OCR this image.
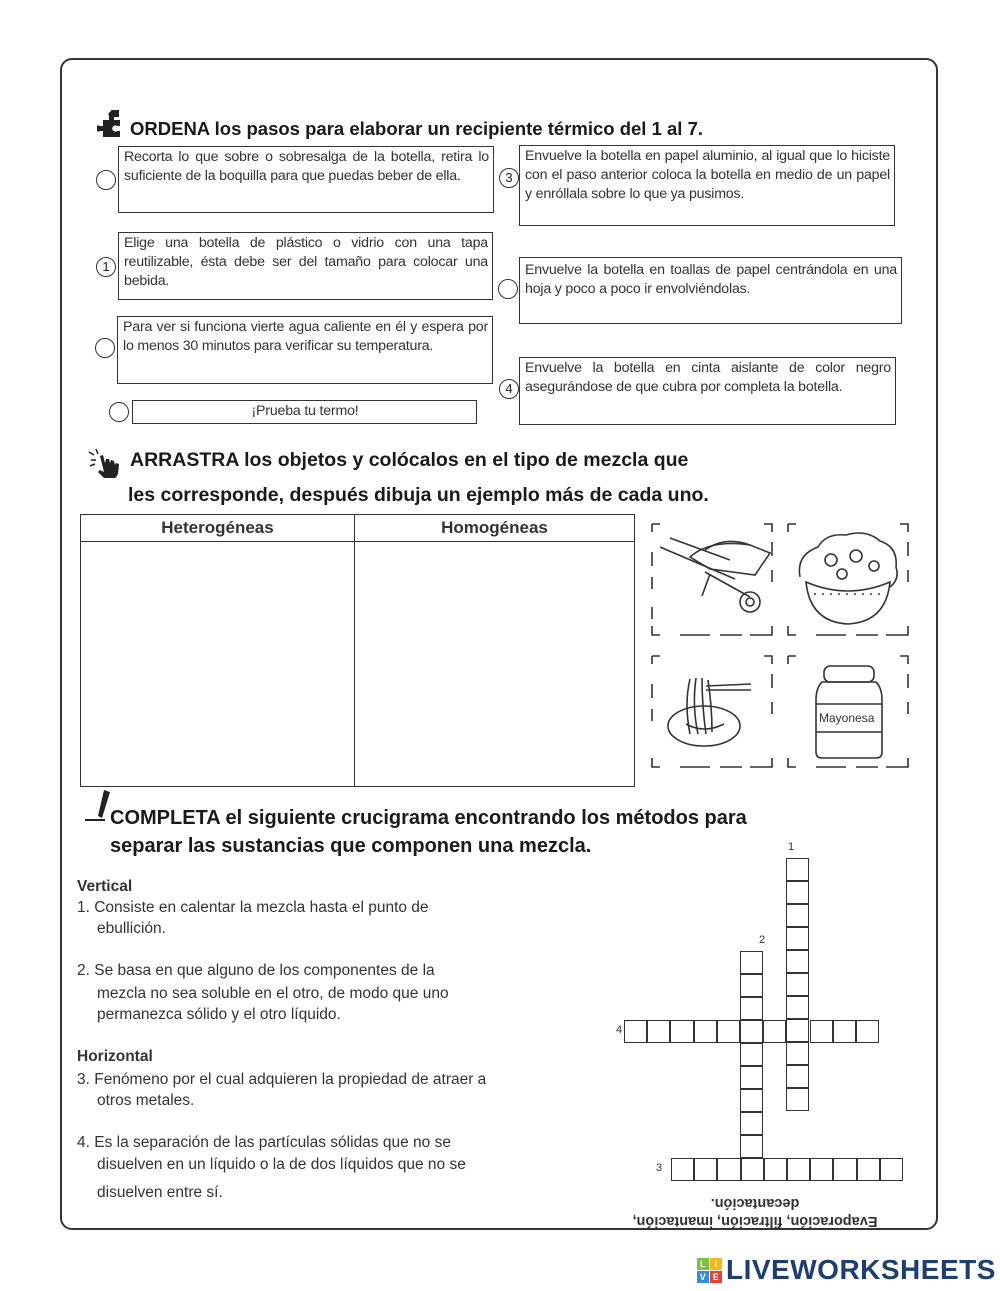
ORDENA los pasos para elaborar un recipiente térmico del 1 al 7.
Recorta lo que sobre o sobresalga de la botella, retira lo suficiente de la boquilla para que puedas beber de ella.
Elige una botella de plástico o vidrio con una tapa reutilizable, ésta debe ser del tamaño para colocar una bebida.
1
Para ver si funciona vierte agua caliente en él y espera por lo menos 30 minutos para verificar su temperatura.
¡Prueba tu termo!
Envuelve la botella en papel aluminio, al igual que lo hiciste con el paso anterior coloca la botella en medio de un papel y enróllala sobre lo que ya pusimos.
3
Envuelve la botella en toallas de papel centrándola en una hoja y poco a poco ir envolviéndolas.
Envuelve la botella en cinta aislante de color negro asegurándose de que cubra por completa la botella.
4
ARRASTRA los objetos y colócalos en el tipo de mezcla que
les corresponde, después dibuja un ejemplo más de cada uno.
Heterogéneas	Homogéneas

Mayonesa
COMPLETA el siguiente crucigrama encontrando los métodos para
separar las sustancias que componen una mezcla.
Vertical
1. Consiste en calentar la mezcla hasta el punto de
ebullición.
2. Se basa en que alguno de los componentes de la
mezcla no sea soluble en el otro, de modo que uno
permanezca sólido y el otro líquido.
Horizontal
3. Fenómeno por el cual adquieren la propiedad de atraer a
otros metales.
4. Es la separación de las partículas sólidas que no se
disuelven en un líquido o la de dos líquidos que no se
disuelven entre sí.
1
2
3
4
Evaporación, filtración, imantación,
decantación.
L I
V E LIVEWORKSHEETS
